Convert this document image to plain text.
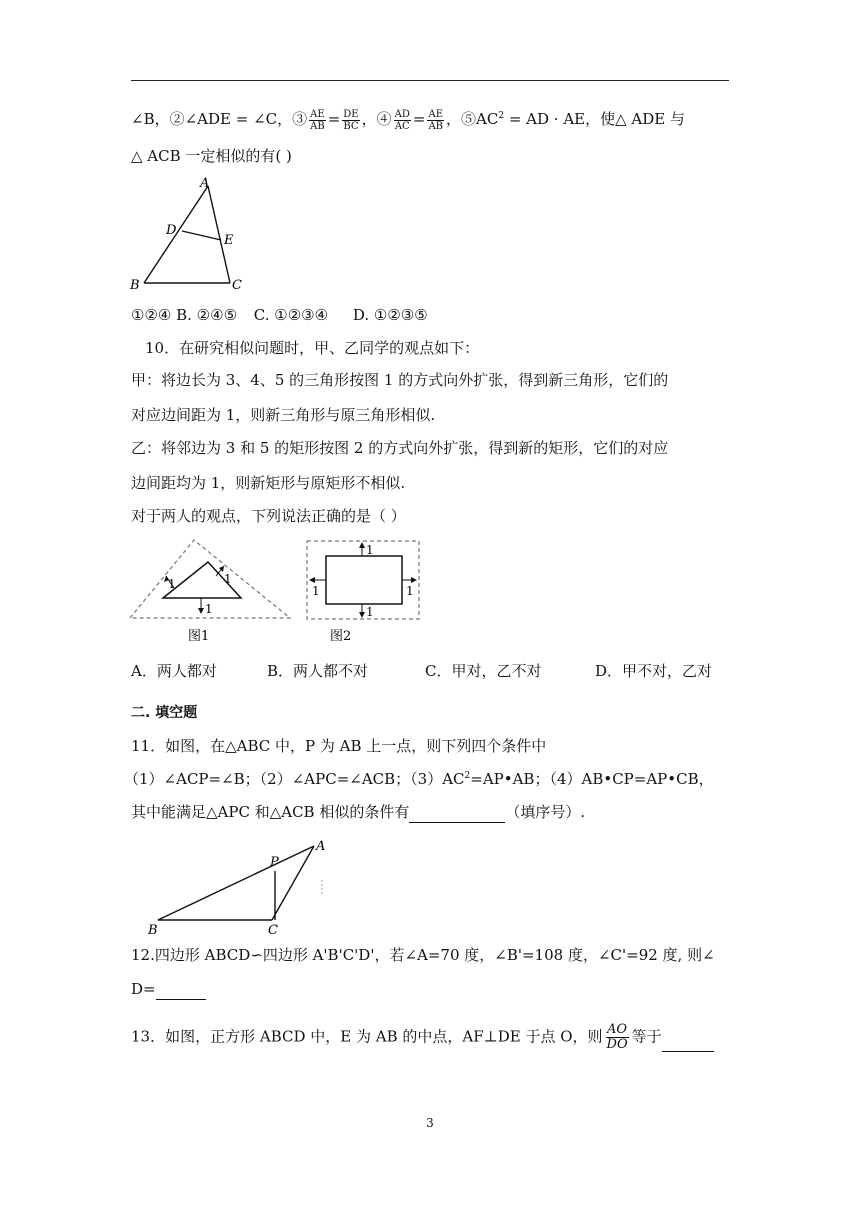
∠B，②∠ADE = ∠C，③ $\frac{AE}{AB} = \frac{DE}{BC}$ ，④ $\frac{AD}{AC} = \frac{AE}{AB}$ ，$⑤AC^2$ = AD · AE，使△ ADE 与
△ ACB 一定相似的有( )
A
D
E
B	C
①②④ B. ②④⑤ C. ①②③④ D. ①②③⑤
10．在研究相似问题时，甲、乙同学的观点如下：
甲：将边长为 3、4、5 的三角形按图 1 的方式向外扩张，得到新三角形，它们的
对应边间距为 1，则新三角形与原三角形相似.
乙：将邻边为 3 和 5 的矩形按图 2 的方式向外扩张，得到新的矩形，它们的对应
边间距均为 1，则新矩形与原矩形不相似.
对于两人的观点，下列说法正确的是（ ）
1	1
1
图1
1
1
1	1
图2
A．两人都对	B．两人都不对	C．甲对，乙不对	D．甲不对，乙对
二. 填空题
11．如图，在△ABC 中，P 为 AB 上一点，则下列四个条件中
（1）∠ACP=∠B；（2）∠APC=∠ACB；$(3)AC^2=AP•AB$；（4）AB•CP=AP•CB，
其中能满足△APC 和△ACB 相似的条件有	（填序号）.
A
P
B	C
12.四边形 ABCD∽四边形 A'B'C'D'，若∠A=70 度，∠B'=108 度，∠C'=92 度, 则∠
D=
13．如图，正方形 ABCD 中，E 为 AB 的中点，AF⊥DE 于点 O，则 $\frac{AO}{DO}$ 等于
3
